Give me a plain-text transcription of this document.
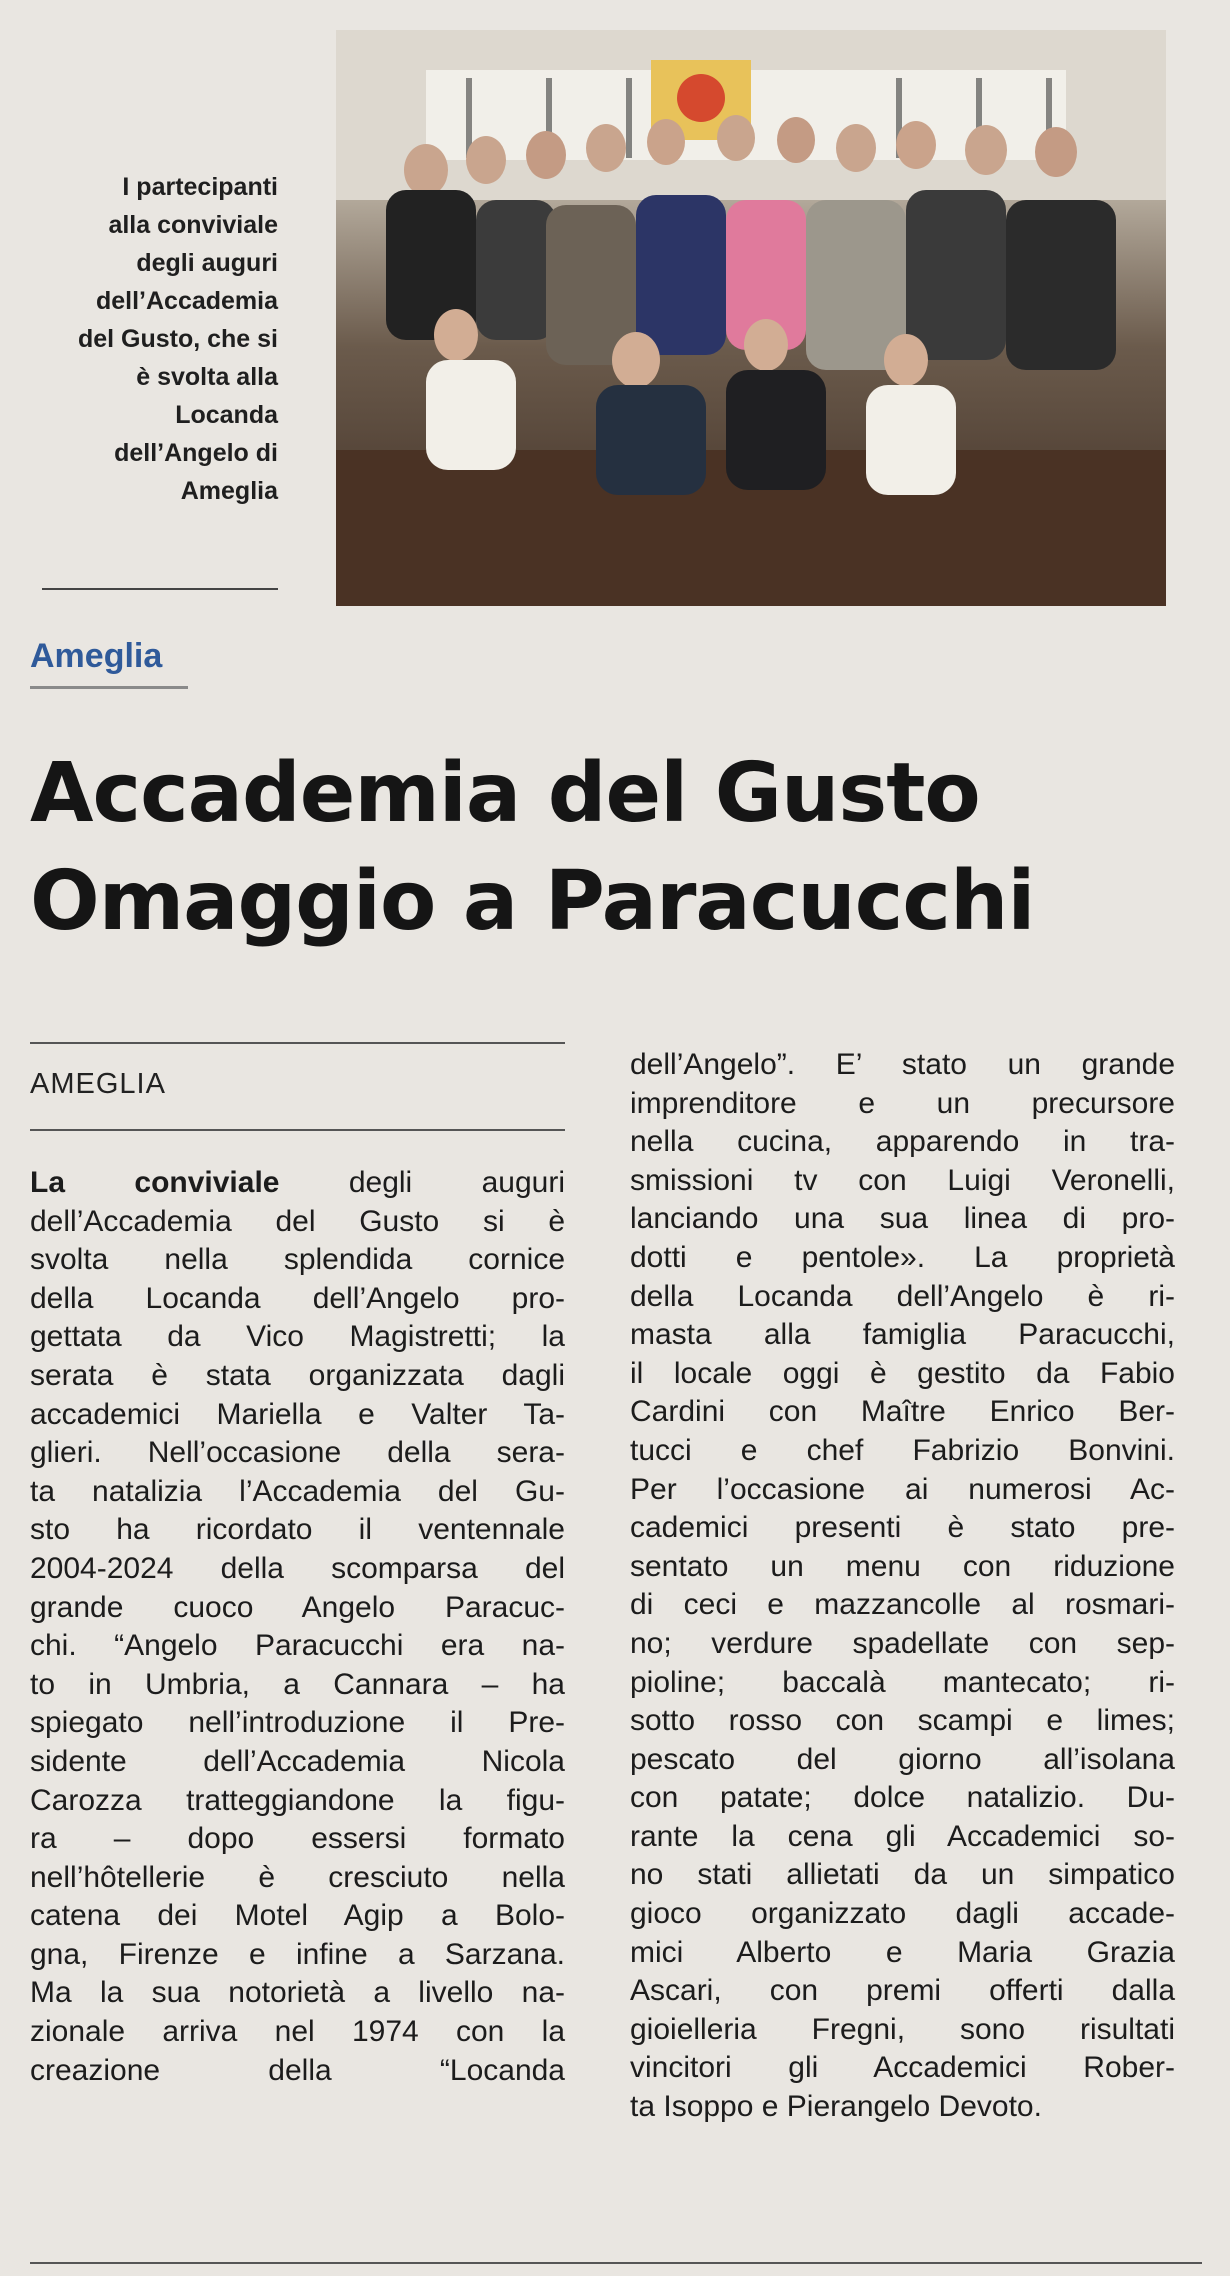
I partecipanti
alla conviviale
degli auguri
dell’Accademia
del Gusto, che si
è svolta alla
Locanda
dell’Angelo di
Ameglia
Ameglia
Accademia del Gusto
Omaggio a Paracucchi
AMEGLIA
La conviviale degli auguri
dell’Accademia del Gusto si è
svolta nella splendida cornice
della Locanda dell’Angelo pro-
gettata da Vico Magistretti; la
serata è stata organizzata dagli
accademici Mariella e Valter Ta-
glieri. Nell’occasione della sera-
ta natalizia l’Accademia del Gu-
sto ha ricordato il ventennale
2004-2024 della scomparsa del
grande cuoco Angelo Paracuc-
chi. “Angelo Paracucchi era na-
to in Umbria, a Cannara – ha
spiegato nell’introduzione il Pre-
sidente dell’Accademia Nicola
Carozza tratteggiandone la figu-
ra – dopo essersi formato
nell’hôtellerie è cresciuto nella
catena dei Motel Agip a Bolo-
gna, Firenze e infine a Sarzana.
Ma la sua notorietà a livello na-
zionale arriva nel 1974 con la
creazione della “Locanda
dell’Angelo”. E’ stato un grande
imprenditore e un precursore
nella cucina, apparendo in tra-
smissioni tv con Luigi Veronelli,
lanciando una sua linea di pro-
dotti e pentole». La proprietà
della Locanda dell’Angelo è ri-
masta alla famiglia Paracucchi,
il locale oggi è gestito da Fabio
Cardini con Maître Enrico Ber-
tucci e chef Fabrizio Bonvini.
Per l’occasione ai numerosi Ac-
cademici presenti è stato pre-
sentato un menu con riduzione
di ceci e mazzancolle al rosmari-
no; verdure spadellate con sep-
pioline; baccalà mantecato; ri-
sotto rosso con scampi e limes;
pescato del giorno all’isolana
con patate; dolce natalizio. Du-
rante la cena gli Accademici so-
no stati allietati da un simpatico
gioco organizzato dagli accade-
mici Alberto e Maria Grazia
Ascari, con premi offerti dalla
gioielleria Fregni, sono risultati
vincitori gli Accademici Rober-
ta Isoppo e Pierangelo Devoto.
